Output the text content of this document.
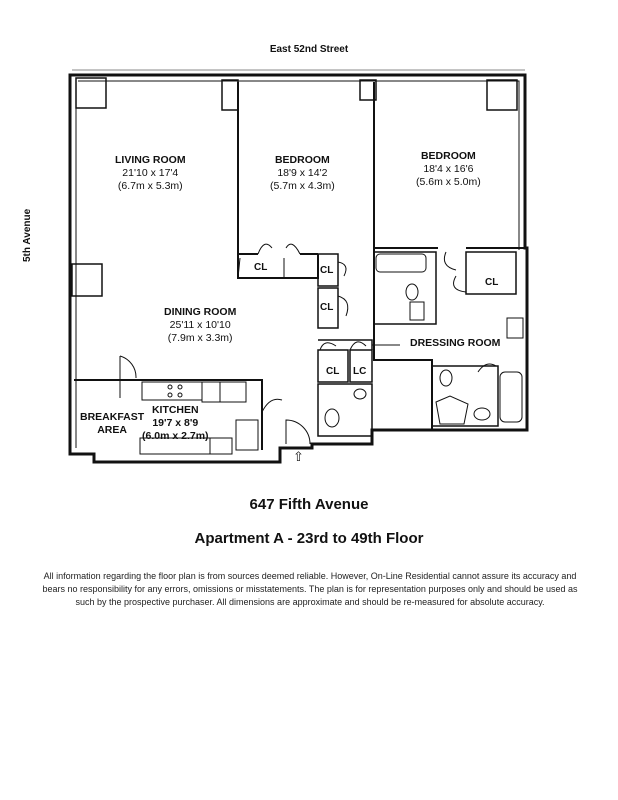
East 52nd Street
5th Avenue
LIVING ROOM
21'10 x 17'4
(6.7m x 5.3m)
BEDROOM
18'9 x 14'2
(5.7m x 4.3m)
BEDROOM
18'4 x 16'6
(5.6m x 5.0m)
DINING ROOM
25'11 x 10'10
(7.9m x 3.3m)
KITCHEN
19'7 x 8'9
(6.0m x 2.7m)
BREAKFAST
AREA
DRESSING ROOM
CL	CL
CL
CL
CL LC
⇧
647 Fifth Avenue
Apartment A - 23rd to 49th Floor
All information regarding the floor plan is from sources deemed reliable. However, On-Line Residential cannot assure its accuracy and bears no responsibility for any errors, omissions or misstatements. The plan is for representation purposes only and should be used as such by the prospective purchaser. All dimensions are approximate and should be re-measured for absolute accuracy.
